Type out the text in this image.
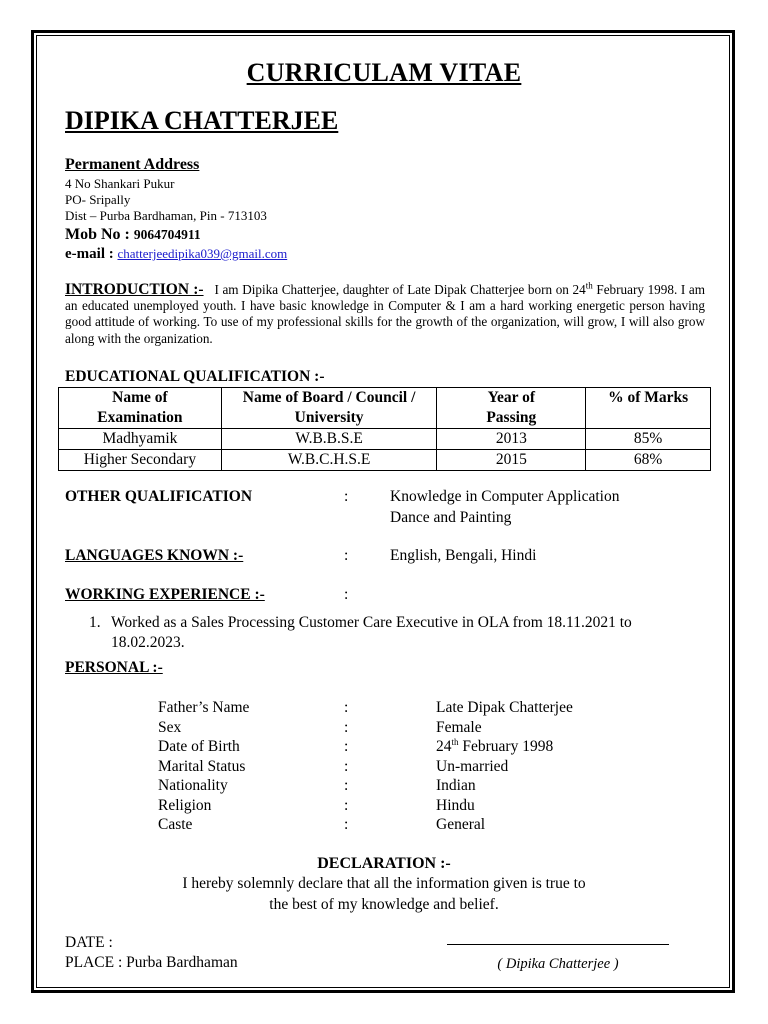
CURRICULAM VITAE
DIPIKA CHATTERJEE
Permanent Address
4 No Shankari Pukur
PO- Sripally
Dist – Purba Bardhaman, Pin - 713103
Mob No : 9064704911
e-mail : chatterjeedipika039@gmail.com
INTRODUCTION :- I am Dipika Chatterjee, daughter of Late Dipak Chatterjee born on 24th February 1998. I am an educated unemployed youth. I have basic knowledge in Computer & I am a hard working energetic person having good attitude of working. To use of my professional skills for the growth of the organization, will grow, I will also grow along with the organization.
EDUCATIONAL QUALIFICATION :-
Name of Examination	Name of Board / Council / University	Year of Passing	% of Marks
Madhyamik	W.B.B.S.E	2013	85%
Higher Secondary	W.B.C.H.S.E	2015	68%
OTHER QUALIFICATION	:	Knowledge in Computer Application
Dance and Painting
LANGUAGES KNOWN :-	:	English, Bengali, Hindi
WORKING EXPERIENCE :-	:
1. Worked as a Sales Processing Customer Care Executive in OLA from 18.11.2021 to 18.02.2023.
PERSONAL :-
Father’s Name	:	Late Dipak Chatterjee
Sex	:	Female
Date of Birth	:	24th February 1998
Marital Status	:	Un-married
Nationality	:	Indian
Religion	:	Hindu
Caste	:	General
DECLARATION :-
I hereby solemnly declare that all the information given is true to
the best of my knowledge and belief.
DATE :
PLACE : Purba Bardhaman	( Dipika Chatterjee )
